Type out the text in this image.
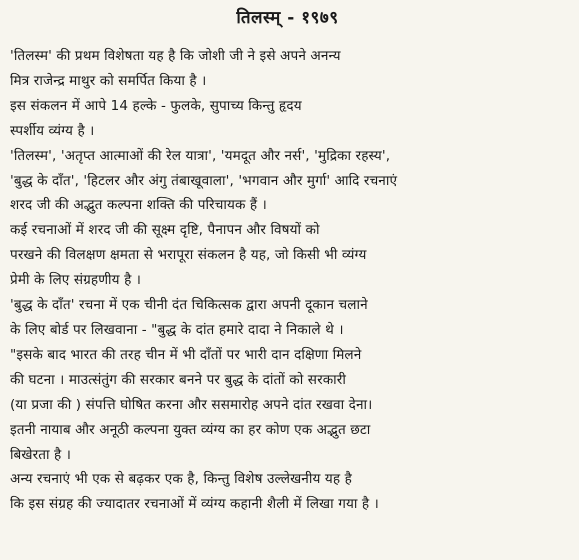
तिलस्म् - १९७९
'तिलस्म' की प्रथम विशेषता यह है कि जोशी जी ने इसे अपने अनन्य
मित्र राजेन्द्र माथुर को समर्पित किया है ।
इस संकलन में आपे 14 हल्के - फुलके, सुपाच्य किन्तु हृदय
स्पर्शीय व्यंग्य है ।
'तिलस्म', 'अतृप्त आत्माओं की रेल यात्रा', 'यमदूत और नर्स', 'मुद्रिका रहस्य',
'बुद्ध के दाँत', 'हिटलर और अंगु तंबाखूवाला', 'भगवान और मुर्गा' आदि रचनाएं
शरद जी की अद्भुत कल्पना शक्ति की परिचायक हैं ।
कई रचनाओं में शरद जी की सूक्ष्म दृष्टि, पैनापन और विषयों को
परखने की विलक्षण क्षमता से भरापूरा संकलन है यह, जो किसी भी व्यंग्य
प्रेमी के लिए संग्रहणीय है ।
'बुद्ध के दाँत' रचना में एक चीनी दंत चिकित्सक द्वारा अपनी दूकान चलाने
के लिए बोर्ड पर लिखवाना - "बुद्ध के दांत हमारे दादा ने निकाले थे ।
"इसके बाद भारत की तरह चीन में भी दाँतों पर भारी दान दक्षिणा मिलने
की घटना । माउत्संतुंग की सरकार बनने पर बुद्ध के दांतों को सरकारी
(या प्रजा की ) संपत्ति घोषित करना और ससमारोह अपने दांत रखवा देना।
इतनी नायाब और अनूठी कल्पना युक्त व्यंग्य का हर कोण एक अद्भुत छटा
बिखेरता है ।
अन्य रचनाएं भी एक से बढ़कर एक है, किन्तु विशेष उल्लेखनीय यह है
कि इस संग्रह की ज्यादातर रचनाओं में व्यंग्य कहानी शैली में लिखा गया है ।
